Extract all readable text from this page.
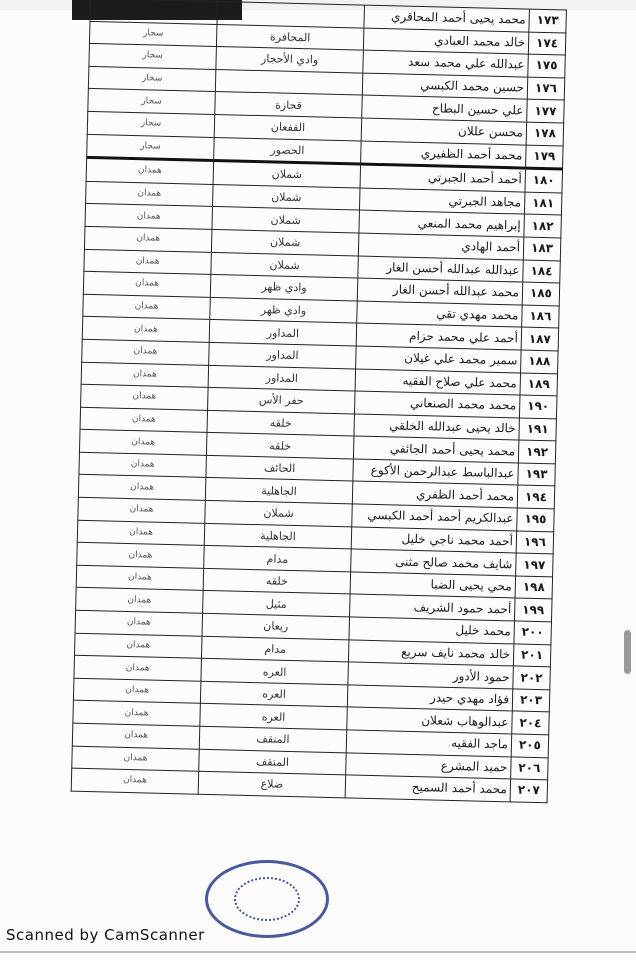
١٧٣	محمد يحيى أحمد المحاقري		
١٧٤	خالد محمد العبادي	المحافرة	سحار
١٧٥	عبدالله علي محمد سعد	وادي الأحجار	سحار
١٧٦	حسين محمد الكبسي		سحار
١٧٧	علي حسين البطاح	قحازة	سحار
١٧٨	محسن عللان	القفعان	سحار
١٧٩	محمد أحمد الظفيري	الحصور	سحار
١٨٠	أحمد أحمد الجبرتي	شملان	همدان
١٨١	مجاهد الجبرتي	شملان	همدان
١٨٢	إبراهيم محمد المنعي	شملان	همدان
١٨٣	أحمد الهادي	شملان	همدان
١٨٤	عبدالله عبدالله أحسن الغار	شملان	همدان
١٨٥	محمد عبدالله أحسن الغار	وادي ظهر	همدان
١٨٦	محمد مهدي تقي	وادي ظهر	همدان
١٨٧	أحمد علي محمد حزام	المداور	همدان
١٨٨	سمير محمد علي غيلان	المداور	همدان
١٨٩	محمد علي صلاح الفقيه	المداور	همدان
١٩٠	محمد محمد الصنعاني	حفر الأس	همدان
١٩١	خالد يحيى عبدالله الخلقي	خلقه	همدان
١٩٢	محمد يحيى أحمد الجائفي	خلقه	همدان
١٩٣	عبدالباسط عبدالرحمن الأكوع	الحائف	همدان
١٩٤	محمد أحمد الظفري	الجاهلية	همدان
١٩٥	عبدالكريم أحمد أحمد الكبسي	شملان	همدان
١٩٦	أحمد محمد ناجي خليل	الجاهلية	همدان
١٩٧	شايف محمد صالح مثنى	مدام	همدان
١٩٨	محي يحيى الضبا	خلقه	همدان
١٩٩	أحمد حمود الشريف	مثيل	همدان
٢٠٠	محمد خليل	ريعان	همدان
٢٠١	خالد محمد نايف سريع	مدام	همدان
٢٠٢	حمود الأدور	العره	همدان
٢٠٣	فؤاد مهدي حيدر	العره	همدان
٢٠٤	عبدالوهاب شعلان	العره	همدان
٢٠٥	ماجد الفقيه	المنقف	همدان
٢٠٦	حميد المشرع	المنقف	همدان
٢٠٧	محمد أحمد السميح	ضلاع	همدان
Scanned by CamScanner
